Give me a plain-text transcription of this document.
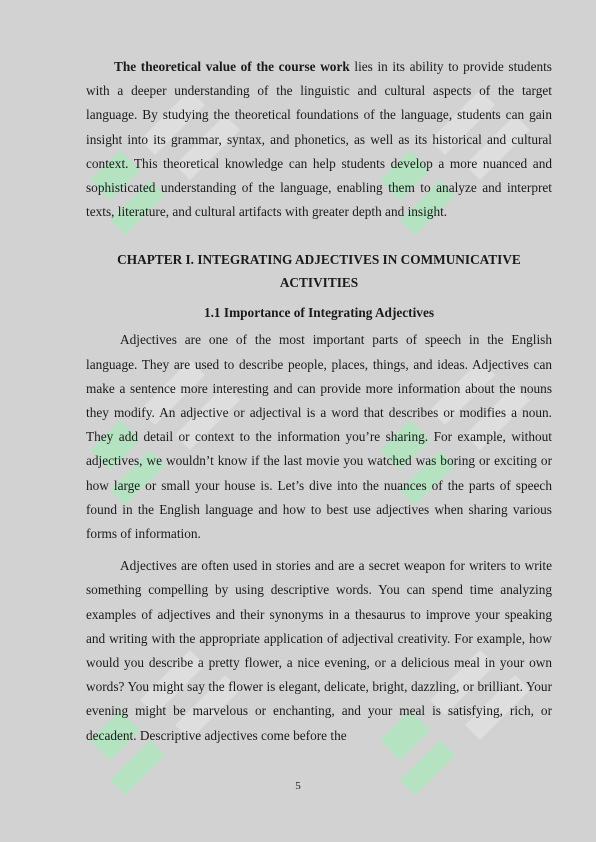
The theoretical value of the course work lies in its ability to provide students with a deeper understanding of the linguistic and cultural aspects of the target language. By studying the theoretical foundations of the language, students can gain insight into its grammar, syntax, and phonetics, as well as its historical and cultural context. This theoretical knowledge can help students develop a more nuanced and sophisticated understanding of the language, enabling them to analyze and interpret texts, literature, and cultural artifacts with greater depth and insight.

CHAPTER I. INTEGRATING ADJECTIVES IN COMMUNICATIVE
ACTIVITIES
1.1 Importance of Integrating Adjectives

Adjectives are one of the most important parts of speech in the English language. They are used to describe people, places, things, and ideas. Adjectives can make a sentence more interesting and can provide more information about the nouns they modify. An adjective or adjectival is a word that describes or modifies a noun. They add detail or context to the information you’re sharing. For example, without adjectives, we wouldn’t know if the last movie you watched was boring or exciting or how large or small your house is. Let’s dive into the nuances of the parts of speech found in the English language and how to best use adjectives when sharing various forms of information.

Adjectives are often used in stories and are a secret weapon for writers to write something compelling by using descriptive words. You can spend time analyzing examples of adjectives and their synonyms in a thesaurus to improve your speaking and writing with the appropriate application of adjectival creativity. For example, how would you describe a pretty flower, a nice evening, or a delicious meal in your own words? You might say the flower is elegant, delicate, bright, dazzling, or brilliant. Your evening might be marvelous or enchanting, and your meal is satisfying, rich, or decadent. Descriptive adjectives come before the

5
